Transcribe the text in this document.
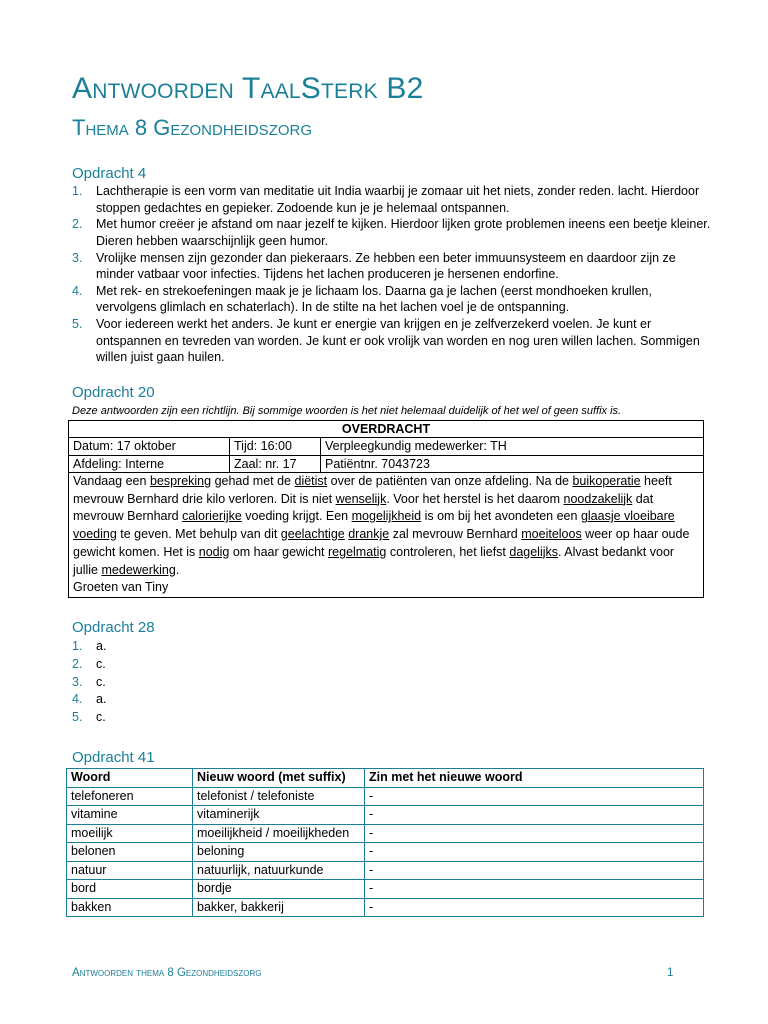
Antwoorden TaalSterk B2
Thema 8 Gezondheidszorg
Opdracht 4
1. Lachtherapie is een vorm van meditatie uit India waarbij je zomaar uit het niets, zonder reden. lacht. Hierdoor stoppen gedachtes en gepieker. Zodoende kun je je helemaal ontspannen.
2. Met humor creëer je afstand om naar jezelf te kijken. Hierdoor lijken grote problemen ineens een beetje kleiner. Dieren hebben waarschijnlijk geen humor.
3. Vrolijke mensen zijn gezonder dan piekeraars. Ze hebben een beter immuunsysteem en daardoor zijn ze minder vatbaar voor infecties. Tijdens het lachen produceren je hersenen endorfine.
4. Met rek- en strekoefeningen maak je je lichaam los. Daarna ga je lachen (eerst mondhoeken krullen, vervolgens glimlach en schaterlach). In de stilte na het lachen voel je de ontspanning.
5. Voor iedereen werkt het anders. Je kunt er energie van krijgen en je zelfverzekerd voelen. Je kunt er ontspannen en tevreden van worden. Je kunt er ook vrolijk van worden en nog uren willen lachen. Sommigen willen juist gaan huilen.
Opdracht 20
Deze antwoorden zijn een richtlijn. Bij sommige woorden is het niet helemaal duidelijk of het wel of geen suffix is.
OVERDRACHT		
Datum: 17 oktober	Tijd: 16:00	Verpleegkundig medewerker: TH
Afdeling: Interne	Zaal: nr. 17	Patiëntnr. 7043723
Vandaag een bespreking gehad met de diëtist over de patiënten van onze afdeling. Na de buikoperatie heeft mevrouw Bernhard drie kilo verloren. Dit is niet wenselijk. Voor het herstel is het daarom noodzakelijk dat mevrouw Bernhard calorierijke voeding krijgt. Een mogelijkheid is om bij het avondeten een glaasje vloeibare voeding te geven. Met behulp van dit geelachtige drankje zal mevrouw Bernhard moeiteloos weer op haar oude gewicht komen. Het is nodig om haar gewicht regelmatig controleren, het liefst dagelijks. Alvast bedankt voor jullie medewerking.
Groeten van Tiny		
Opdracht 28
1. a.
2. c.
3. c.
4. a.
5. c.
Opdracht 41
Woord	Nieuw woord (met suffix)	Zin met het nieuwe woord
telefoneren	telefonist / telefoniste	-
vitamine	vitaminerijk	-
moeilijk	moeilijkheid / moeilijkheden	-
belonen	beloning	-
natuur	natuurlijk, natuurkunde	-
bord	bordje	-
bakken	bakker, bakkerij	-
Antwoorden thema 8 Gezondheidszorg	1
